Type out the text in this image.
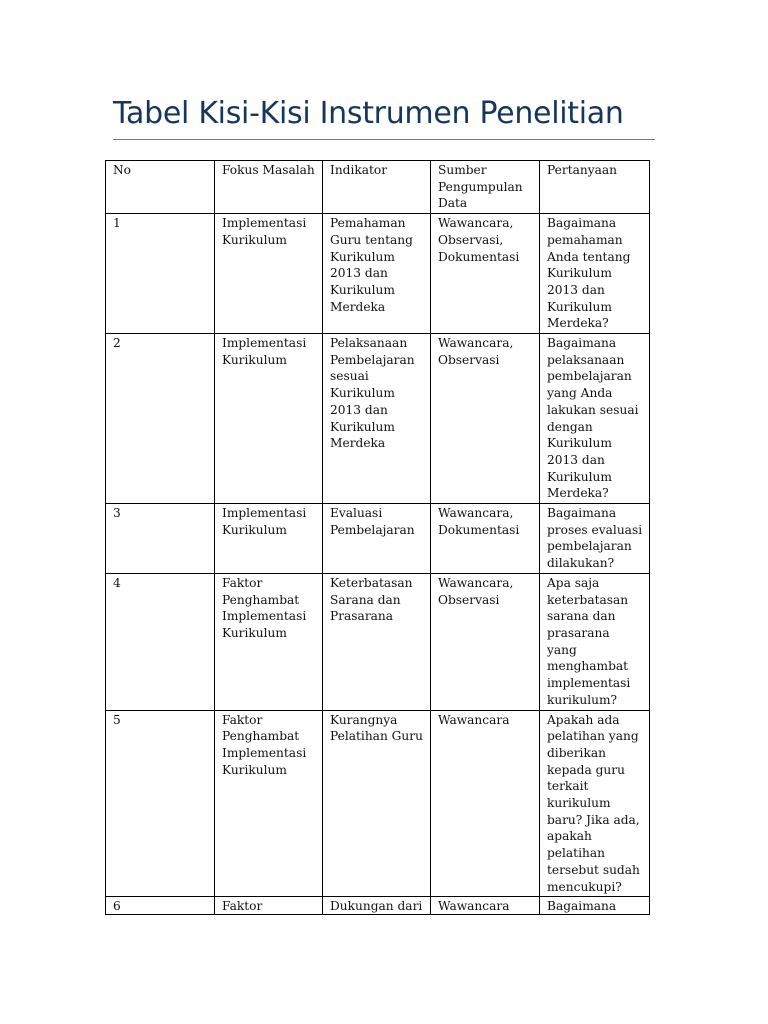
Tabel Kisi-Kisi Instrumen Penelitian
No	Fokus Masalah	Indikator	Sumber Pengumpulan Data	Pertanyaan
1	Implementasi Kurikulum	Pemahaman Guru tentang Kurikulum 2013 dan Kurikulum Merdeka	Wawancara, Observasi, Dokumentasi	Bagaimana pemahaman Anda tentang Kurikulum 2013 dan Kurikulum Merdeka?
2	Implementasi Kurikulum	Pelaksanaan Pembelajaran sesuai Kurikulum 2013 dan Kurikulum Merdeka	Wawancara, Observasi	Bagaimana pelaksanaan pembelajaran yang Anda lakukan sesuai dengan Kurikulum 2013 dan Kurikulum Merdeka?
3	Implementasi Kurikulum	Evaluasi Pembelajaran	Wawancara, Dokumentasi	Bagaimana proses evaluasi pembelajaran dilakukan?
4	Faktor Penghambat Implementasi Kurikulum	Keterbatasan Sarana dan Prasarana	Wawancara, Observasi	Apa saja keterbatasan sarana dan prasarana yang menghambat implementasi kurikulum?
5	Faktor Penghambat Implementasi Kurikulum	Kurangnya Pelatihan Guru	Wawancara	Apakah ada pelatihan yang diberikan kepada guru terkait kurikulum baru? Jika ada, apakah pelatihan tersebut sudah mencukupi?
6	Faktor	Dukungan dari	Wawancara	Bagaimana
